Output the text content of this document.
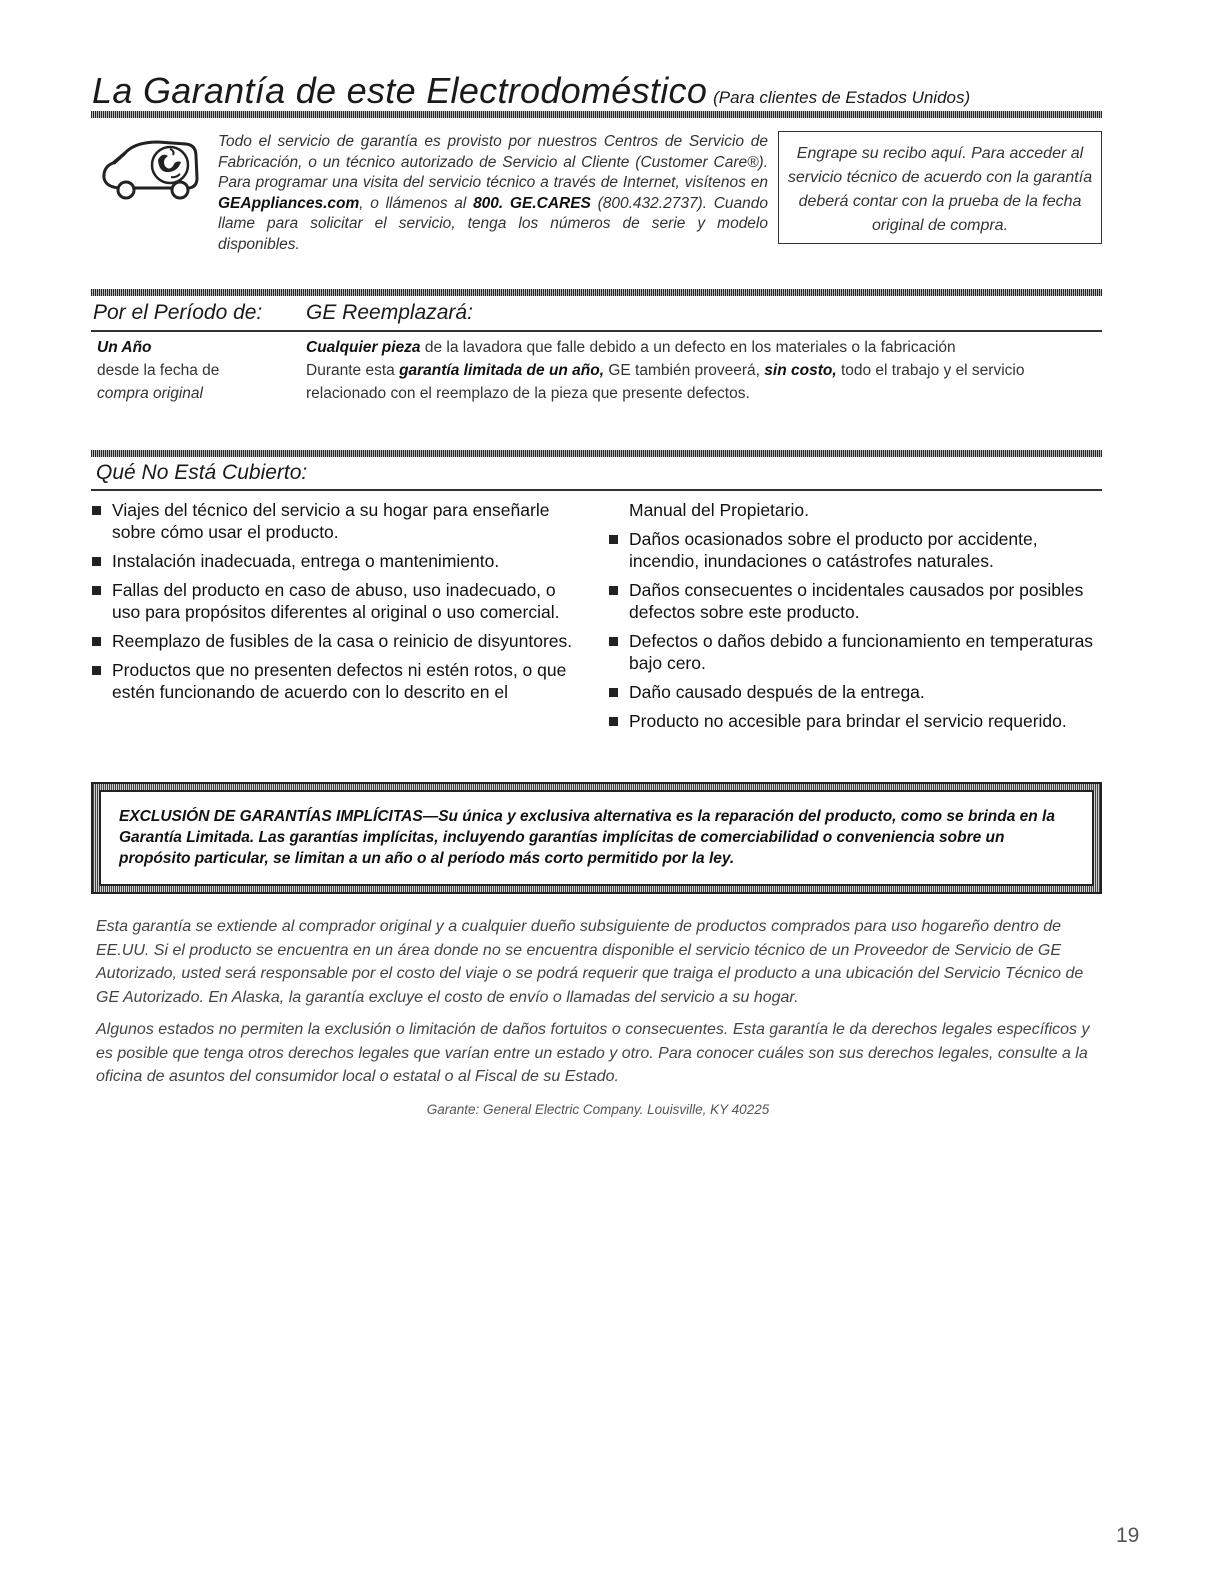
La Garantía de este Electrodoméstico (Para clientes de Estados Unidos)
Todo el servicio de garantía es provisto por nuestros Centros de Servicio de Fabricación, o un técnico autorizado de Servicio al Cliente (Customer Care®). Para programar una visita del servicio técnico a través de Internet, visítenos en GEAppliances.com, o llámenos al 800. GE.CARES (800.432.2737). Cuando llame para solicitar el servicio, tenga los números de serie y modelo disponibles.
Engrape su recibo aquí. Para acceder al servicio técnico de acuerdo con la garantía deberá contar con la prueba de la fecha original de compra.
Por el Período de: GE Reemplazará:
Un Año
desde la fecha de
compra original
Cualquier pieza de la lavadora que falle debido a un defecto en los materiales o la fabricación
Durante esta garantía limitada de un año, GE también proveerá, sin costo, todo el trabajo y el servicio relacionado con el reemplazo de la pieza que presente defectos.
Qué No Está Cubierto:
Viajes del técnico del servicio a su hogar para enseñarle sobre cómo usar el producto.
Instalación inadecuada, entrega o mantenimiento.
Fallas del producto en caso de abuso, uso inadecuado, o uso para propósitos diferentes al original o uso comercial.
Reemplazo de fusibles de la casa o reinicio de disyuntores.
Productos que no presenten defectos ni estén rotos, o que estén funcionando de acuerdo con lo descrito en el
Manual del Propietario.
Daños ocasionados sobre el producto por accidente, incendio, inundaciones o catástrofes naturales.
Daños consecuentes o incidentales causados por posibles defectos sobre este producto.
Defectos o daños debido a funcionamiento en temperaturas bajo cero.
Daño causado después de la entrega.
Producto no accesible para brindar el servicio requerido.
EXCLUSIÓN DE GARANTÍAS IMPLÍCITAS—Su única y exclusiva alternativa es la reparación del producto, como se brinda en la Garantía Limitada. Las garantías implícitas, incluyendo garantías implícitas de comerciabilidad o conveniencia sobre un propósito particular, se limitan a un año o al período más corto permitido por la ley.
Esta garantía se extiende al comprador original y a cualquier dueño subsiguiente de productos comprados para uso hogareño dentro de EE.UU. Si el producto se encuentra en un área donde no se encuentra disponible el servicio técnico de un Proveedor de Servicio de GE Autorizado, usted será responsable por el costo del viaje o se podrá requerir que traiga el producto a una ubicación del Servicio Técnico de GE Autorizado. En Alaska, la garantía excluye el costo de envío o llamadas del servicio a su hogar.
Algunos estados no permiten la exclusión o limitación de daños fortuitos o consecuentes. Esta garantía le da derechos legales específicos y es posible que tenga otros derechos legales que varían entre un estado y otro. Para conocer cuáles son sus derechos legales, consulte a la oficina de asuntos del consumidor local o estatal o al Fiscal de su Estado.
Garante: General Electric Company. Louisville, KY 40225
19
